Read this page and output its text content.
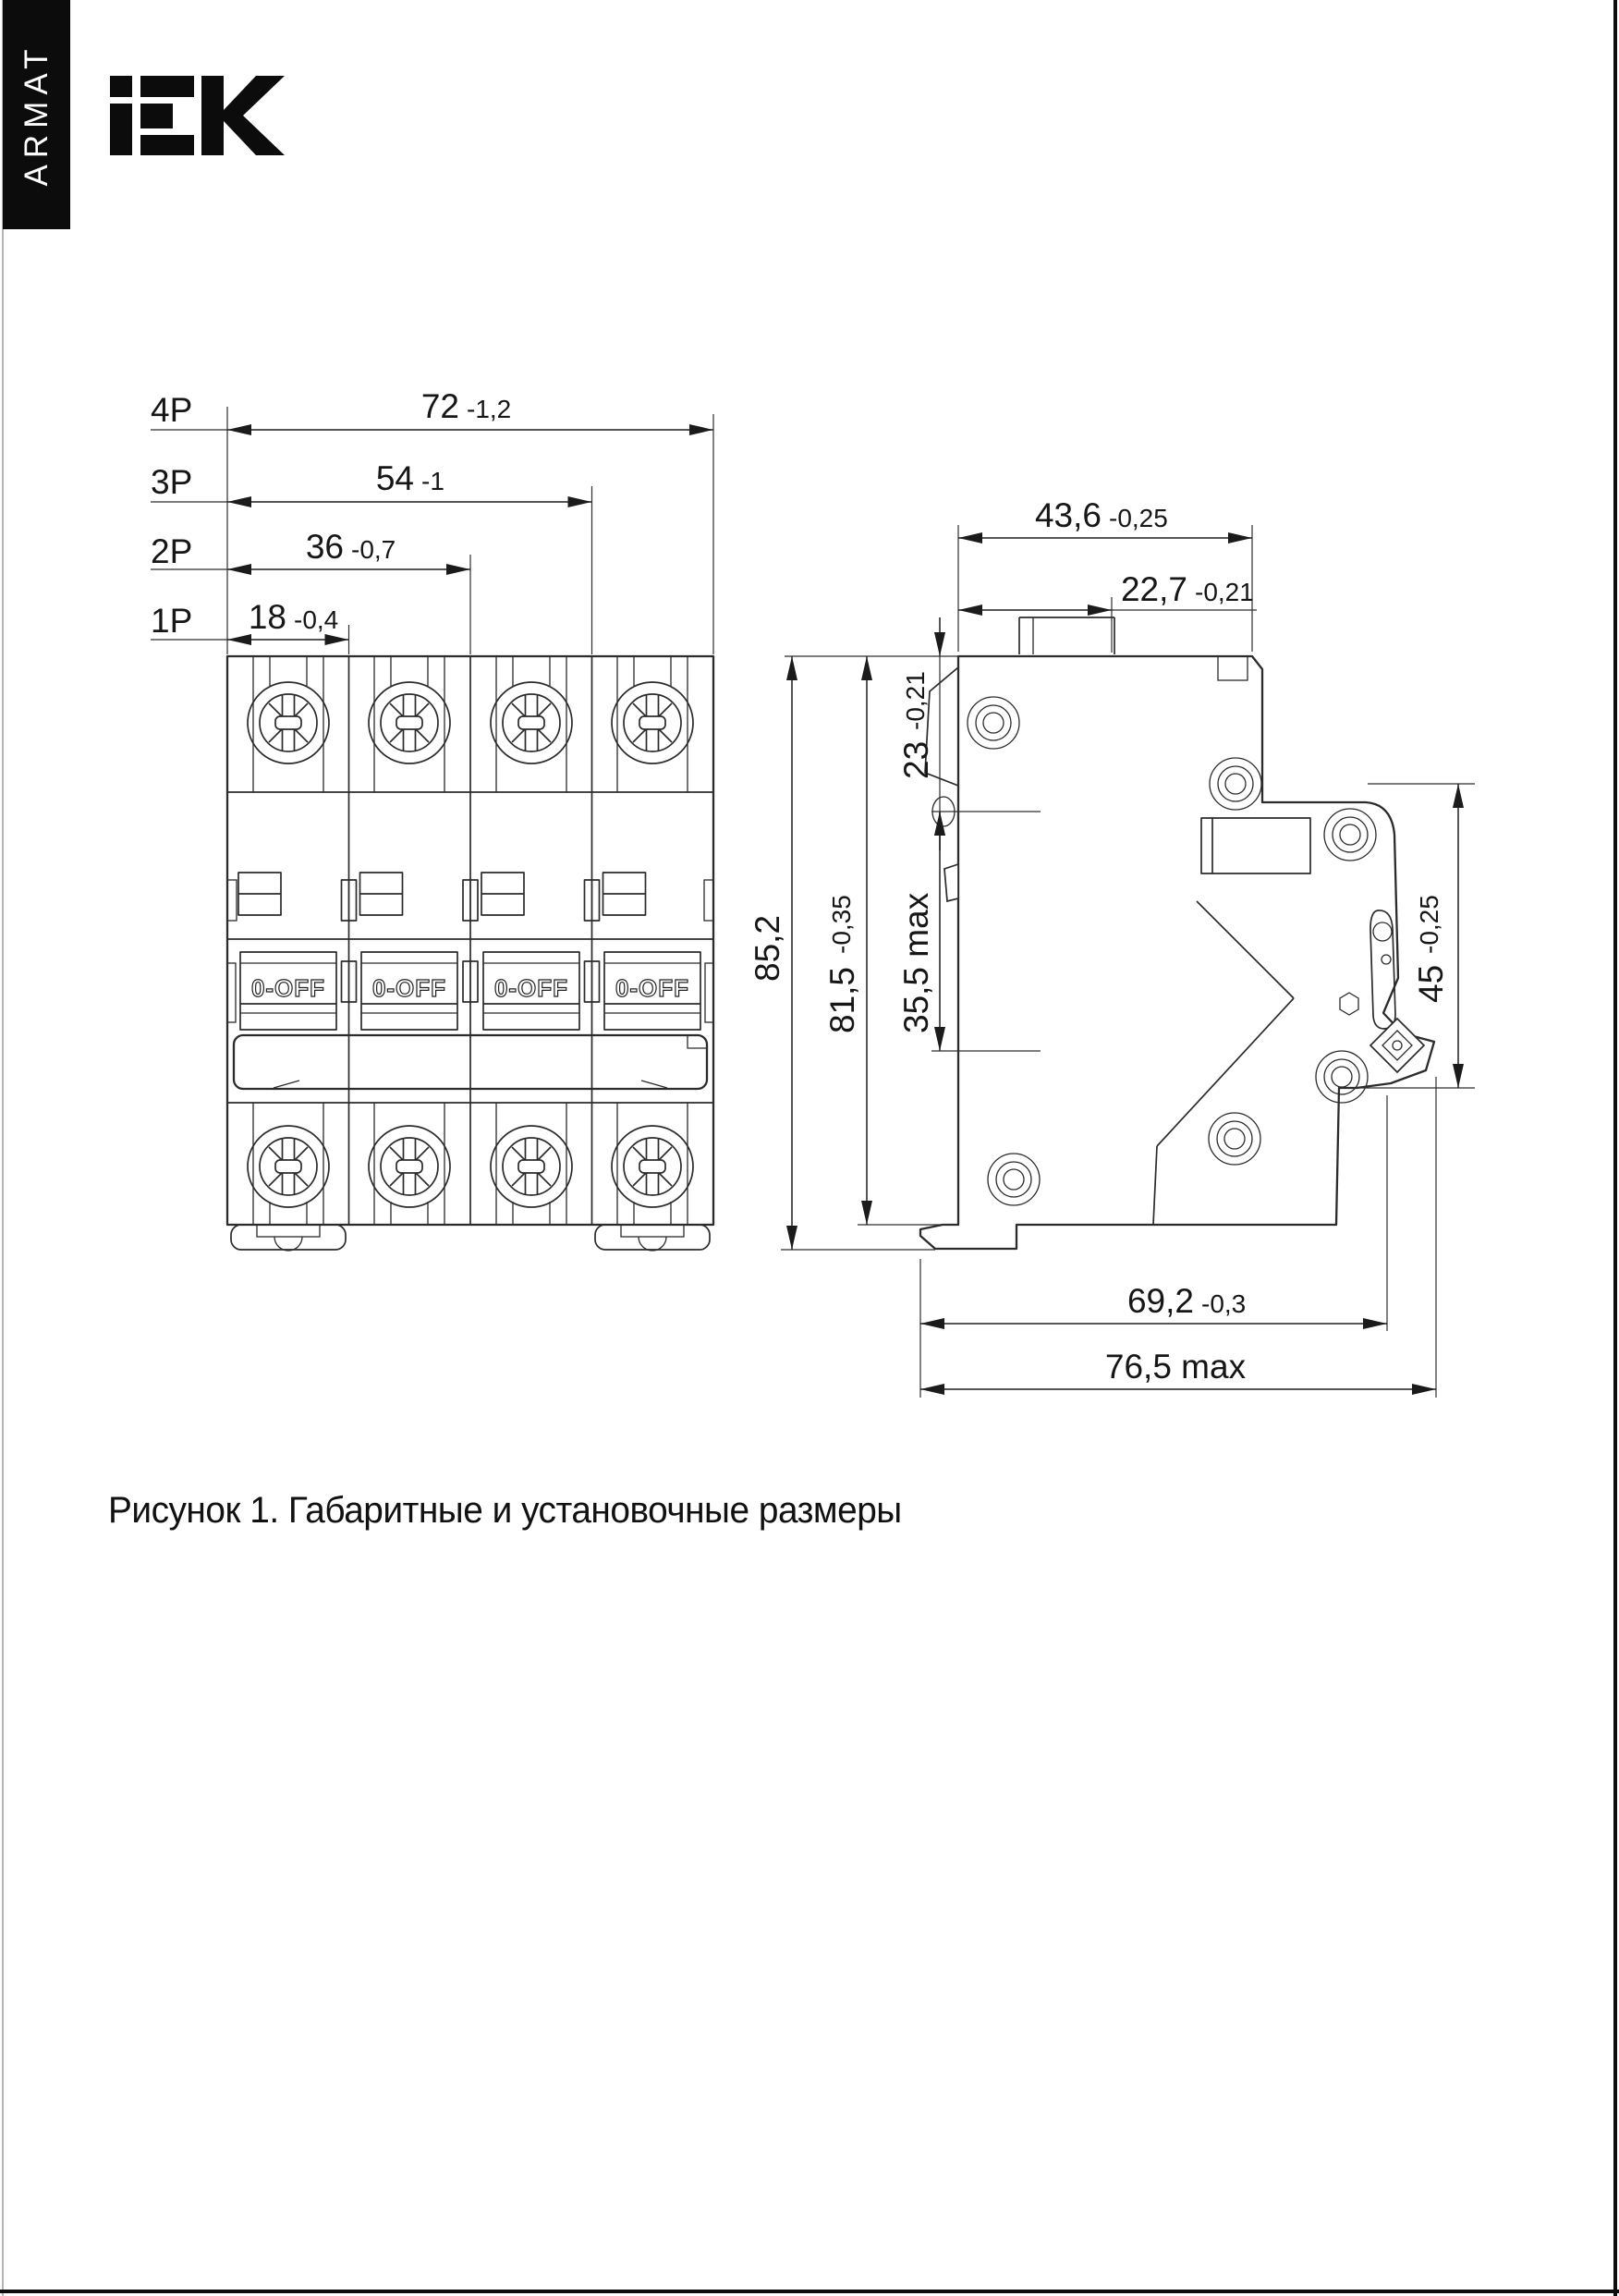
ARMAT
0-OFF 0-OFF 0-OFF 0-OFF
4P	72 -1,2
3P	54 -1
2P	36 -0,7
1P 18 -0,4
43,6 -0,25
22,7 -0,21
23
-0,21
35,5 max
81,5
-0,35
85,2
45
-0,25
69,2 -0,3
76,5 max
Рисунок 1. Габаритные и установочные размеры
